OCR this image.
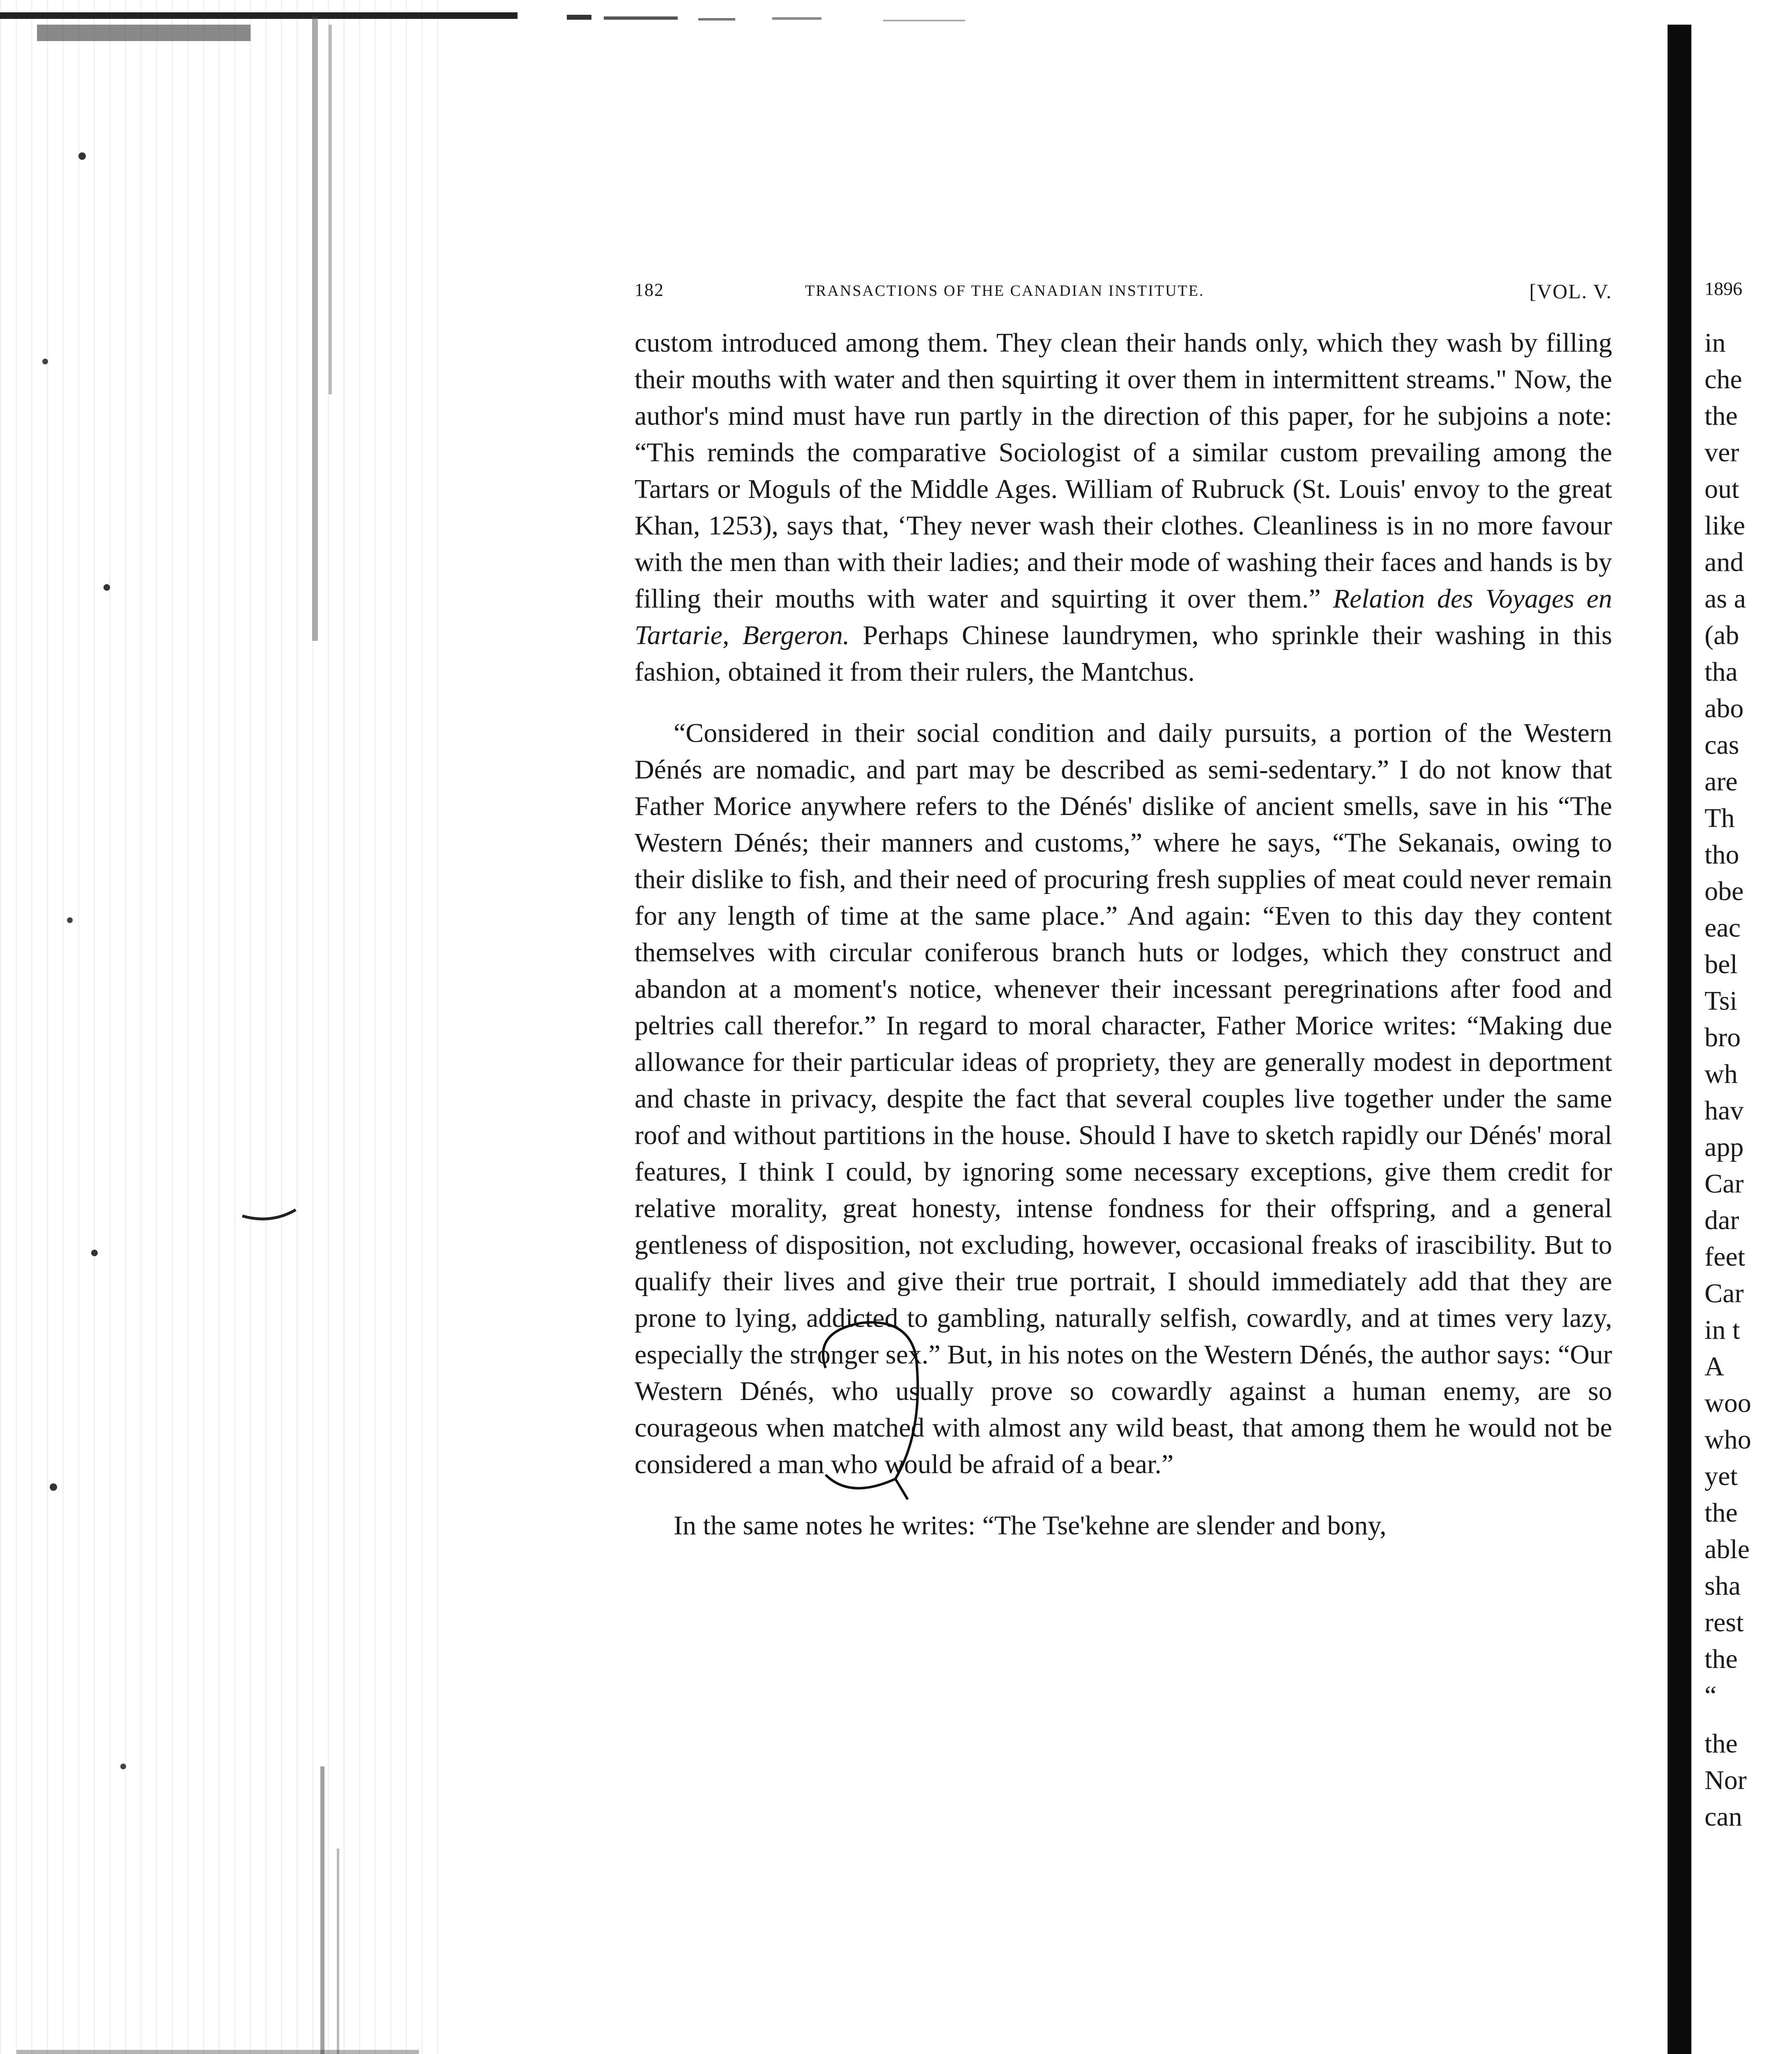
182	TRANSACTIONS OF THE CANADIAN INSTITUTE.	[VOL. V.

custom introduced among them. They clean their hands only, which they wash by filling their mouths with water and then squirting it over them in intermittent streams." Now, the author's mind must have run partly in the direction of this paper, for he subjoins a note: “This reminds the comparative Sociologist of a similar custom prevailing among the Tartars or Moguls of the Middle Ages. William of Rubruck (St. Louis' envoy to the great Khan, 1253), says that, ‘They never wash their clothes. Cleanliness is in no more favour with the men than with their ladies; and their mode of washing their faces and hands is by filling their mouths with water and squirting it over them.” Relation des Voyages en Tartarie, Bergeron. Perhaps Chinese laundrymen, who sprinkle their washing in this fashion, obtained it from their rulers, the Mantchus.

“Considered in their social condition and daily pursuits, a portion of the Western Dénés are nomadic, and part may be described as semi-sedentary.” I do not know that Father Morice anywhere refers to the Dénés' dislike of ancient smells, save in his “The Western Dénés; their manners and customs,” where he says, “The Sekanais, owing to their dislike to fish, and their need of procuring fresh supplies of meat could never remain for any length of time at the same place.” And again: “Even to this day they content themselves with circular coniferous branch huts or lodges, which they construct and abandon at a moment's notice, whenever their incessant peregrinations after food and peltries call therefor.” In regard to moral character, Father Morice writes: “Making due allowance for their particular ideas of propriety, they are generally modest in deportment and chaste in privacy, despite the fact that several couples live together under the same roof and without partitions in the house. Should I have to sketch rapidly our Dénés' moral features, I think I could, by ignoring some necessary exceptions, give them credit for relative morality, great honesty, intense fondness for their offspring, and a general gentleness of disposition, not excluding, however, occasional freaks of irascibility. But to qualify their lives and give their true portrait, I should immediately add that they are prone to lying, addicted to gambling, naturally selfish, cowardly, and at times very lazy, especially the stronger sex.” But, in his notes on the Western Dénés, the author says: “Our Western Dénés, who usually prove so cowardly against a human enemy, are so courageous when matched with almost any wild beast, that among them he would not be considered a man who would be afraid of a bear.”

In the same notes he writes: “The Tse'kehne are slender and bony,

1896
in
che
the
ver
out
like
and
as a
(ab
tha
abo
cas
are
Th
tho
obe
eac
bel
Tsi
bro
wh
hav
app
Car
dar
feet
Car
in t
A
woo
who
yet
the
able
sha
rest
the
“
the
Nor
can
